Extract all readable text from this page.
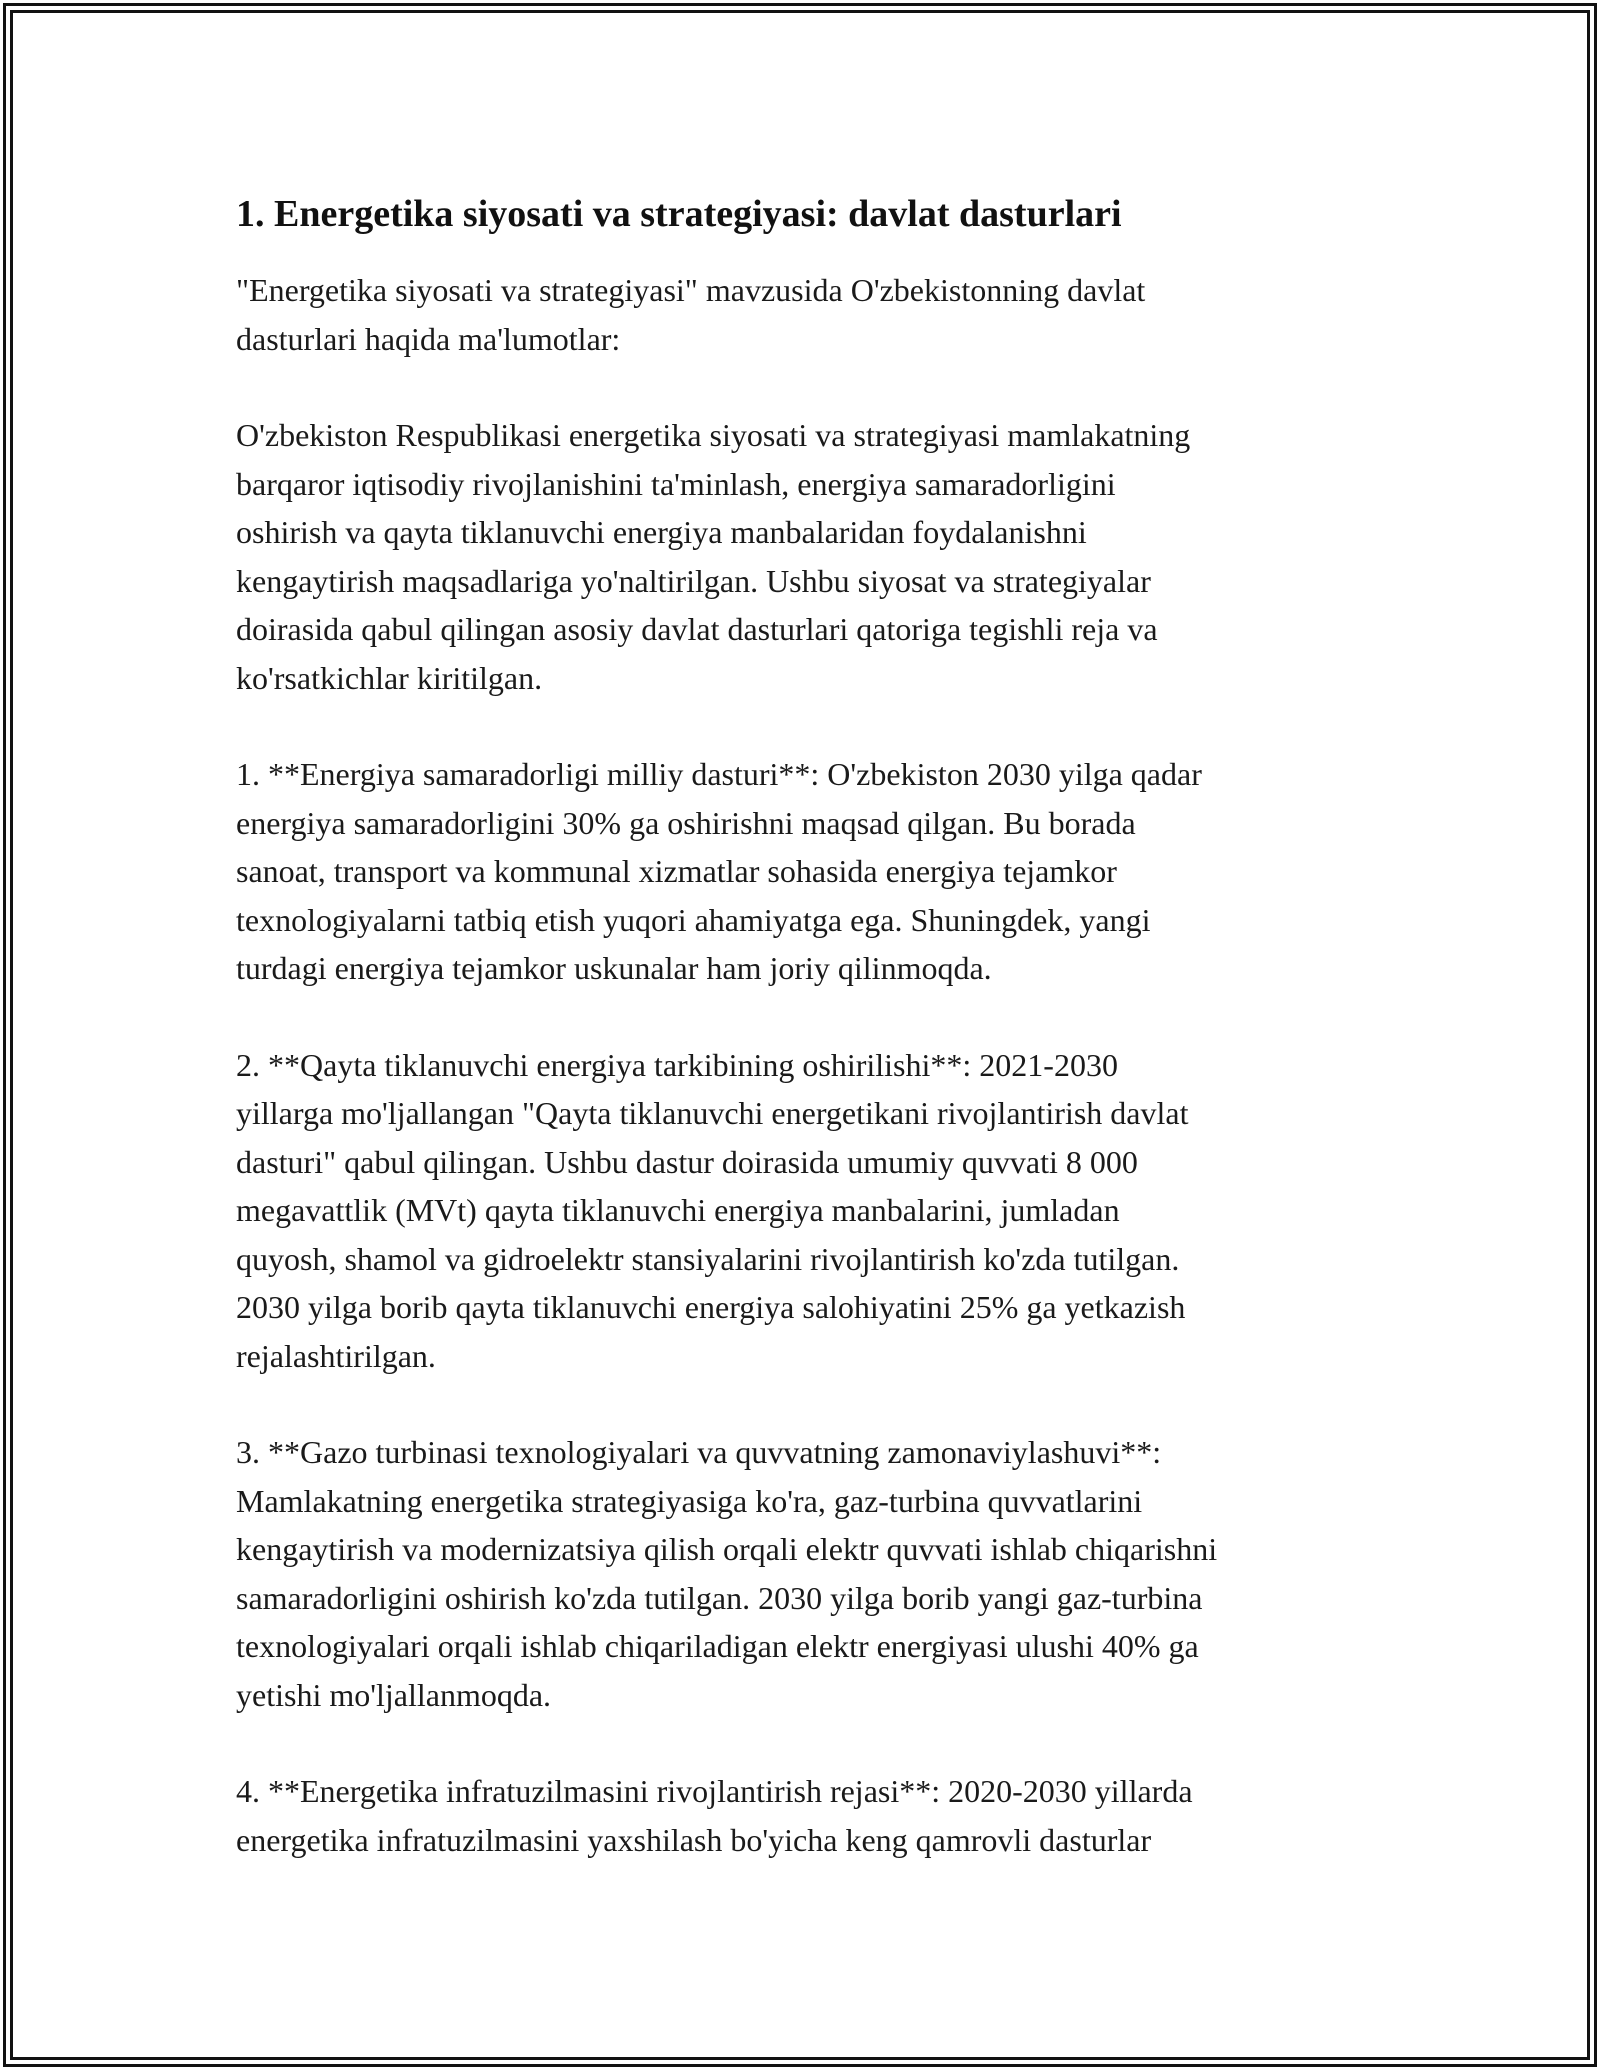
1. Energetika siyosati va strategiyasi: davlat dasturlari

"Energetika siyosati va strategiyasi" mavzusida O'zbekistonning davlat
dasturlari haqida ma'lumotlar:

O'zbekiston Respublikasi energetika siyosati va strategiyasi mamlakatning
barqaror iqtisodiy rivojlanishini ta'minlash, energiya samaradorligini
oshirish va qayta tiklanuvchi energiya manbalaridan foydalanishni
kengaytirish maqsadlariga yo'naltirilgan. Ushbu siyosat va strategiyalar
doirasida qabul qilingan asosiy davlat dasturlari qatoriga tegishli reja va
ko'rsatkichlar kiritilgan.

1. **Energiya samaradorligi milliy dasturi**: O'zbekiston 2030 yilga qadar
energiya samaradorligini 30% ga oshirishni maqsad qilgan. Bu borada
sanoat, transport va kommunal xizmatlar sohasida energiya tejamkor
texnologiyalarni tatbiq etish yuqori ahamiyatga ega. Shuningdek, yangi
turdagi energiya tejamkor uskunalar ham joriy qilinmoqda.

2. **Qayta tiklanuvchi energiya tarkibining oshirilishi**: 2021-2030
yillarga mo'ljallangan "Qayta tiklanuvchi energetikani rivojlantirish davlat
dasturi" qabul qilingan. Ushbu dastur doirasida umumiy quvvati 8 000
megavattlik (MVt) qayta tiklanuvchi energiya manbalarini, jumladan
quyosh, shamol va gidroelektr stansiyalarini rivojlantirish ko'zda tutilgan.
2030 yilga borib qayta tiklanuvchi energiya salohiyatini 25% ga yetkazish
rejalashtirilgan.

3. **Gazo turbinasi texnologiyalari va quvvatning zamonaviylashuvi**:
Mamlakatning energetika strategiyasiga ko'ra, gaz-turbina quvvatlarini
kengaytirish va modernizatsiya qilish orqali elektr quvvati ishlab chiqarishni
samaradorligini oshirish ko'zda tutilgan. 2030 yilga borib yangi gaz-turbina
texnologiyalari orqali ishlab chiqariladigan elektr energiyasi ulushi 40% ga
yetishi mo'ljallanmoqda.

4. **Energetika infratuzilmasini rivojlantirish rejasi**: 2020-2030 yillarda
energetika infratuzilmasini yaxshilash bo'yicha keng qamrovli dasturlar
